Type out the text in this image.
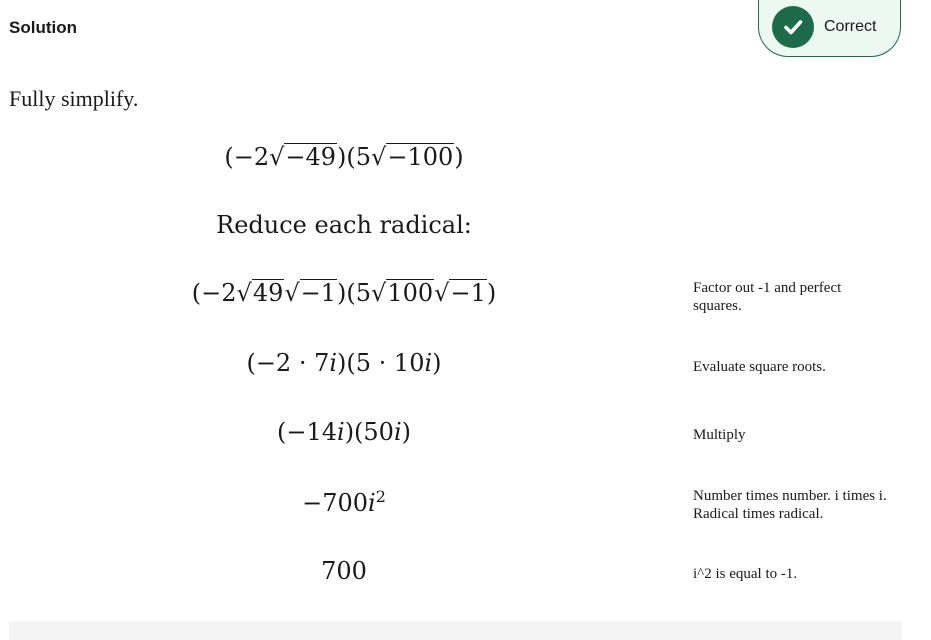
Solution	Correct
Fully simplify.
(−2√−49)(5√−100)
Reduce each radical:
(−2√49√−1)(5√100√−1)	Factor out -1 and perfect squares.
(−2 · 7i)(5 · 10i)	Evaluate square roots.
(−14i)(50i)	Multiply
$-700i^2$	Number times number. i times i. Radical times radical.
700	i^2 is equal to -1.
